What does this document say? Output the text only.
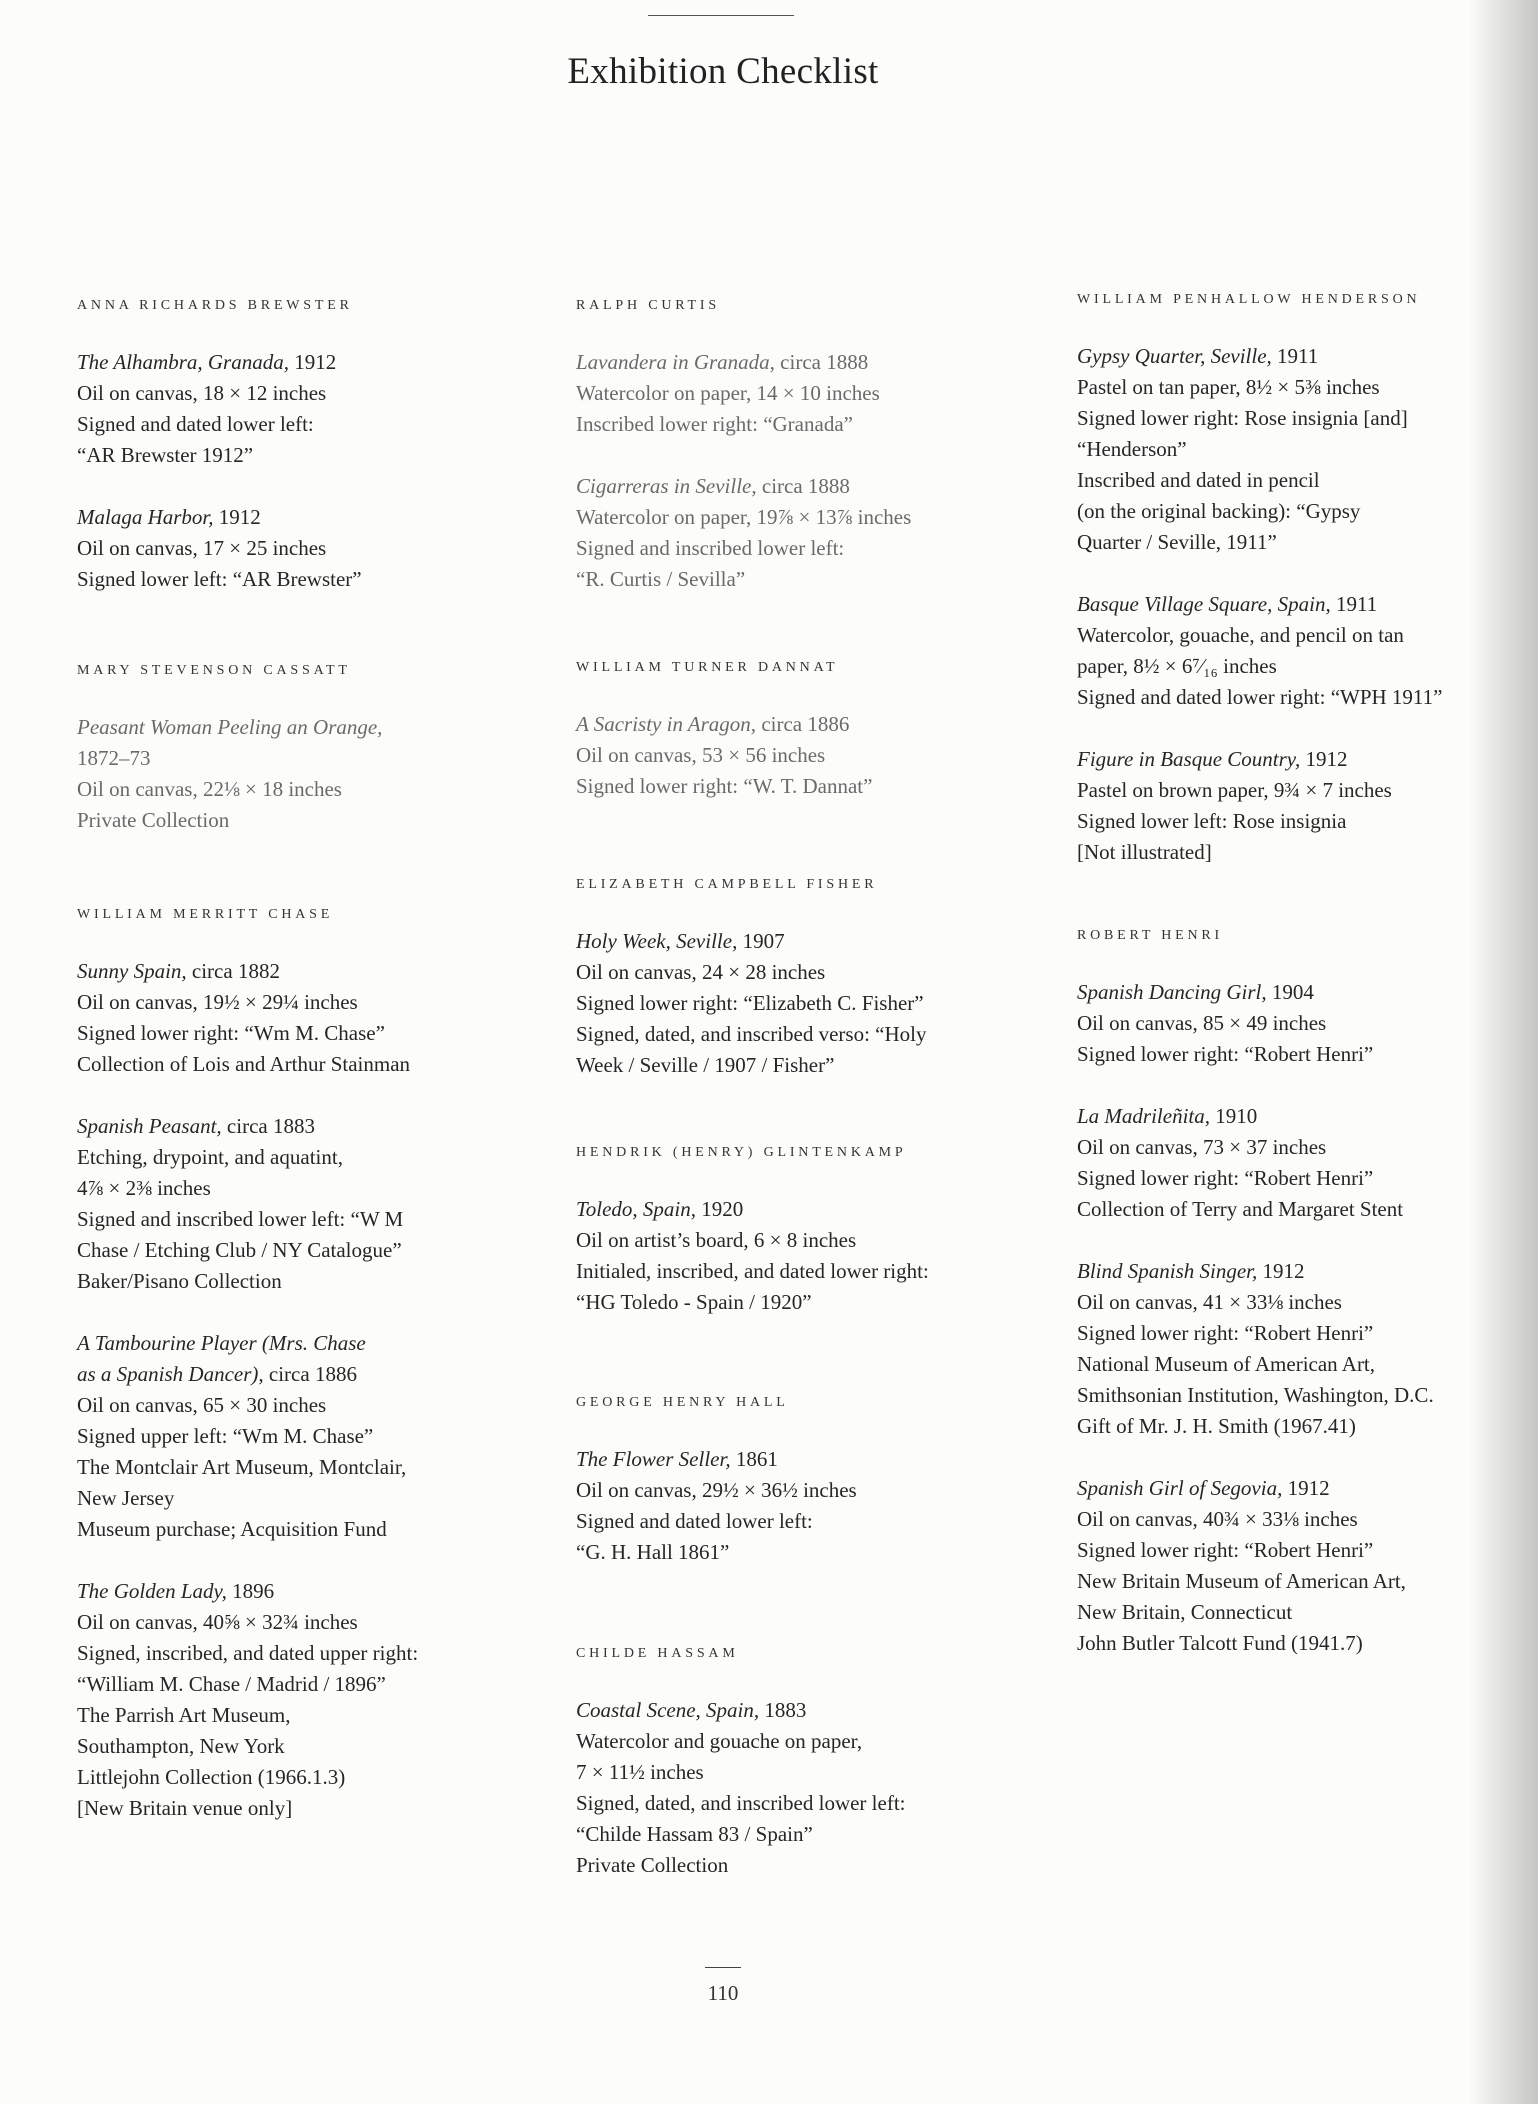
Exhibition Checklist
ANNA RICHARDS BREWSTER
The Alhambra, Granada, 1912
Oil on canvas, 18 × 12 inches
Signed and dated lower left:
“AR Brewster 1912”
Malaga Harbor, 1912
Oil on canvas, 17 × 25 inches
Signed lower left: “AR Brewster”
MARY STEVENSON CASSATT
Peasant Woman Peeling an Orange,
1872–73
Oil on canvas, 22⅛ × 18 inches
Private Collection
WILLIAM MERRITT CHASE
Sunny Spain, circa 1882
Oil on canvas, 19½ × 29¼ inches
Signed lower right: “Wm M. Chase”
Collection of Lois and Arthur Stainman
Spanish Peasant, circa 1883
Etching, drypoint, and aquatint,
4⅞ × 2⅜ inches
Signed and inscribed lower left: “W M
Chase / Etching Club / NY Catalogue”
Baker/Pisano Collection
A Tambourine Player (Mrs. Chase
as a Spanish Dancer), circa 1886
Oil on canvas, 65 × 30 inches
Signed upper left: “Wm M. Chase”
The Montclair Art Museum, Montclair,
New Jersey
Museum purchase; Acquisition Fund
The Golden Lady, 1896
Oil on canvas, 40⅝ × 32¾ inches
Signed, inscribed, and dated upper right:
“William M. Chase / Madrid / 1896”
The Parrish Art Museum,
Southampton, New York
Littlejohn Collection (1966.1.3)
[New Britain venue only]
RALPH CURTIS
Lavandera in Granada, circa 1888
Watercolor on paper, 14 × 10 inches
Inscribed lower right: “Granada”
Cigarreras in Seville, circa 1888
Watercolor on paper, 19⅞ × 13⅞ inches
Signed and inscribed lower left:
“R. Curtis / Sevilla”
WILLIAM TURNER DANNAT
A Sacristy in Aragon, circa 1886
Oil on canvas, 53 × 56 inches
Signed lower right: “W. T. Dannat”
ELIZABETH CAMPBELL FISHER
Holy Week, Seville, 1907
Oil on canvas, 24 × 28 inches
Signed lower right: “Elizabeth C. Fisher”
Signed, dated, and inscribed verso: “Holy
Week / Seville / 1907 / Fisher”
HENDRIK (HENRY) GLINTENKAMP
Toledo, Spain, 1920
Oil on artist’s board, 6 × 8 inches
Initialed, inscribed, and dated lower right:
“HG Toledo - Spain / 1920”
GEORGE HENRY HALL
The Flower Seller, 1861
Oil on canvas, 29½ × 36½ inches
Signed and dated lower left:
“G. H. Hall 1861”
CHILDE HASSAM
Coastal Scene, Spain, 1883
Watercolor and gouache on paper,
7 × 11½ inches
Signed, dated, and inscribed lower left:
“Childe Hassam 83 / Spain”
Private Collection
WILLIAM PENHALLOW HENDERSON
Gypsy Quarter, Seville, 1911
Pastel on tan paper, 8½ × 5⅜ inches
Signed lower right: Rose insignia [and]
“Henderson”
Inscribed and dated in pencil
(on the original backing): “Gypsy
Quarter / Seville, 1911”
Basque Village Square, Spain, 1911
Watercolor, gouache, and pencil on tan
paper, 8½ × 6⁷⁄₁₆ inches
Signed and dated lower right: “WPH 1911”
Figure in Basque Country, 1912
Pastel on brown paper, 9¾ × 7 inches
Signed lower left: Rose insignia
[Not illustrated]
ROBERT HENRI
Spanish Dancing Girl, 1904
Oil on canvas, 85 × 49 inches
Signed lower right: “Robert Henri”
La Madrileñita, 1910
Oil on canvas, 73 × 37 inches
Signed lower right: “Robert Henri”
Collection of Terry and Margaret Stent
Blind Spanish Singer, 1912
Oil on canvas, 41 × 33⅛ inches
Signed lower right: “Robert Henri”
National Museum of American Art,
Smithsonian Institution, Washington, D.C.
Gift of Mr. J. H. Smith (1967.41)
Spanish Girl of Segovia, 1912
Oil on canvas, 40¾ × 33⅛ inches
Signed lower right: “Robert Henri”
New Britain Museum of American Art,
New Britain, Connecticut
John Butler Talcott Fund (1941.7)
110
